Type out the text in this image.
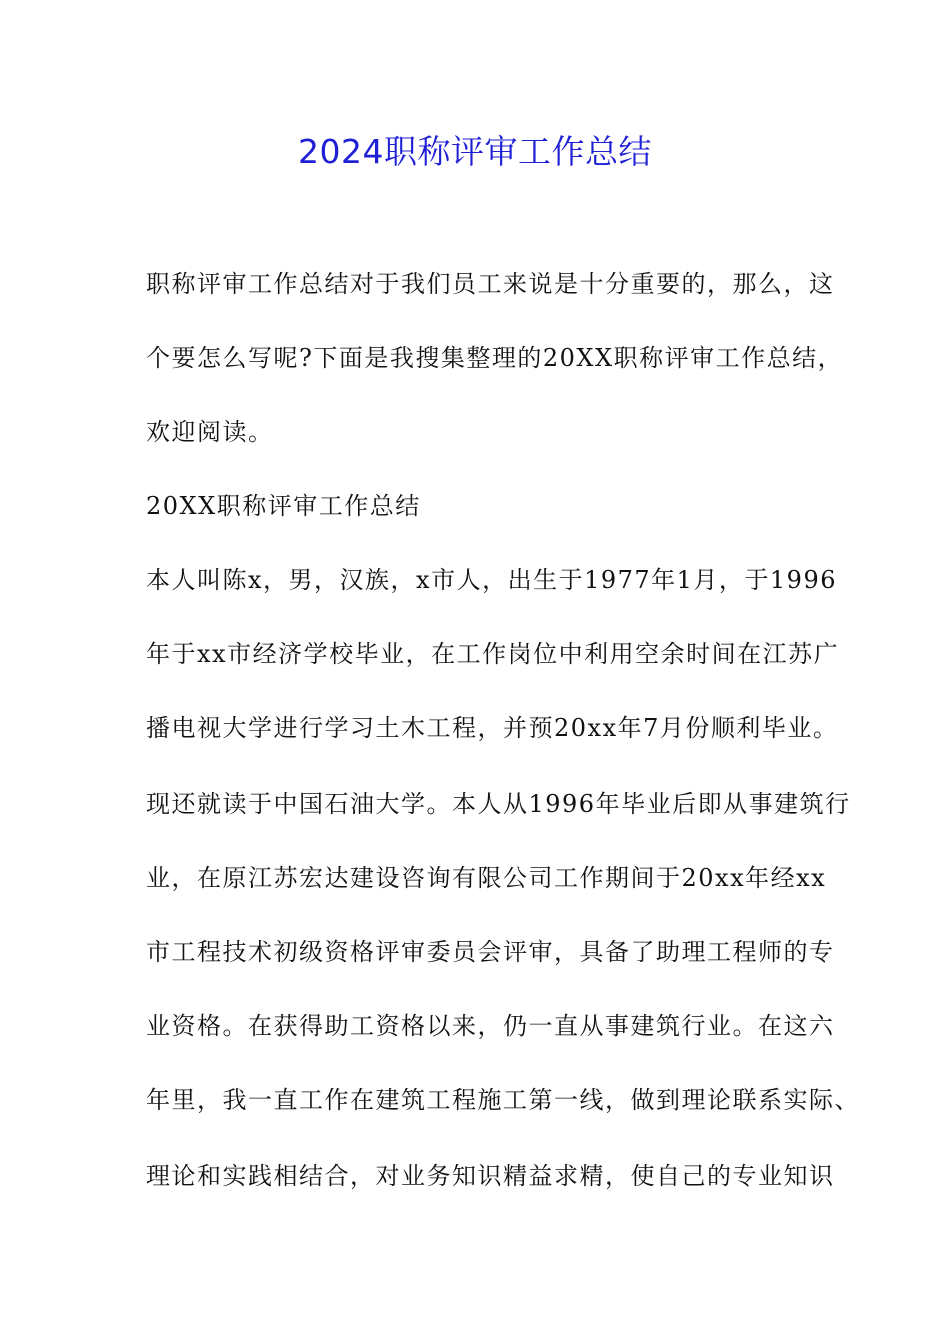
2024职称评审工作总结
职称评审工作总结对于我们员工来说是十分重要的，那么，这
个要怎么写呢?下面是我搜集整理的20XX职称评审工作总结，
欢迎阅读。
20XX职称评审工作总结
本人叫陈x，男，汉族，x市人，出生于1977年1月，于1996
年于xx市经济学校毕业，在工作岗位中利用空余时间在江苏广
播电视大学进行学习土木工程，并预20xx年7月份顺利毕业。
现还就读于中国石油大学。本人从1996年毕业后即从事建筑行
业，在原江苏宏达建设咨询有限公司工作期间于20xx年经xx
市工程技术初级资格评审委员会评审，具备了助理工程师的专
业资格。在获得助工资格以来，仍一直从事建筑行业。在这六
年里，我一直工作在建筑工程施工第一线，做到理论联系实际、
理论和实践相结合，对业务知识精益求精，使自己的专业知识
